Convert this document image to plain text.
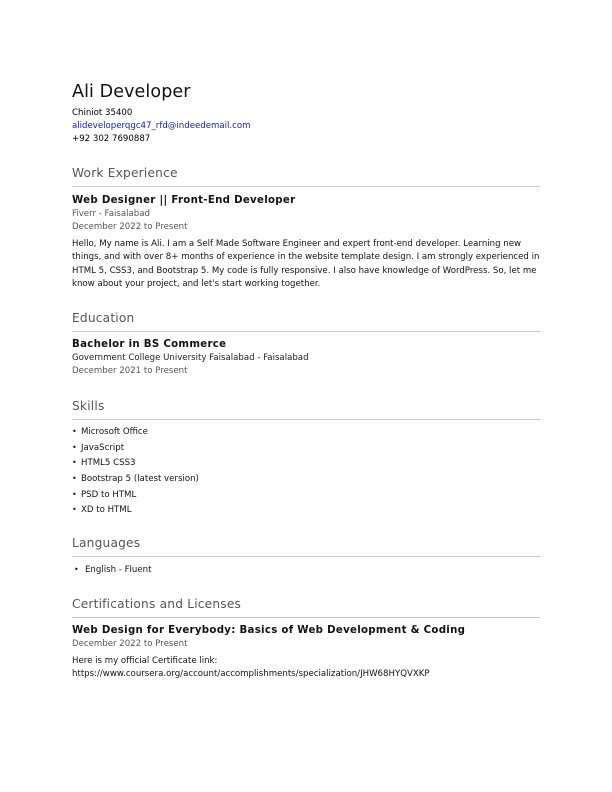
Ali Developer
Chiniot 35400
alideveloperqgc47_rfd@indeedemail.com
+92 302 7690887
Work Experience
Web Designer || Front-End Developer
Fiverr - Faisalabad
December 2022 to Present
Hello, My name is Ali. I am a Self Made Software Engineer and expert front-end developer. Learning new things, and with over 8+ months of experience in the website template design. I am strongly experienced in HTML 5, CSS3, and Bootstrap 5. My code is fully responsive. I also have knowledge of WordPress. So, let me know about your project, and let's start working together.
Education
Bachelor in BS Commerce
Government College University Faisalabad - Faisalabad
December 2021 to Present
Skills
• Microsoft Office
• JavaScript
• HTML5 CSS3
• Bootstrap 5 (latest version)
• PSD to HTML
• XD to HTML
Languages
• English - Fluent
Certifications and Licenses
Web Design for Everybody: Basics of Web Development & Coding
December 2022 to Present
Here is my official Certificate link:
https://www.coursera.org/account/accomplishments/specialization/JHW68HYQVXKP
